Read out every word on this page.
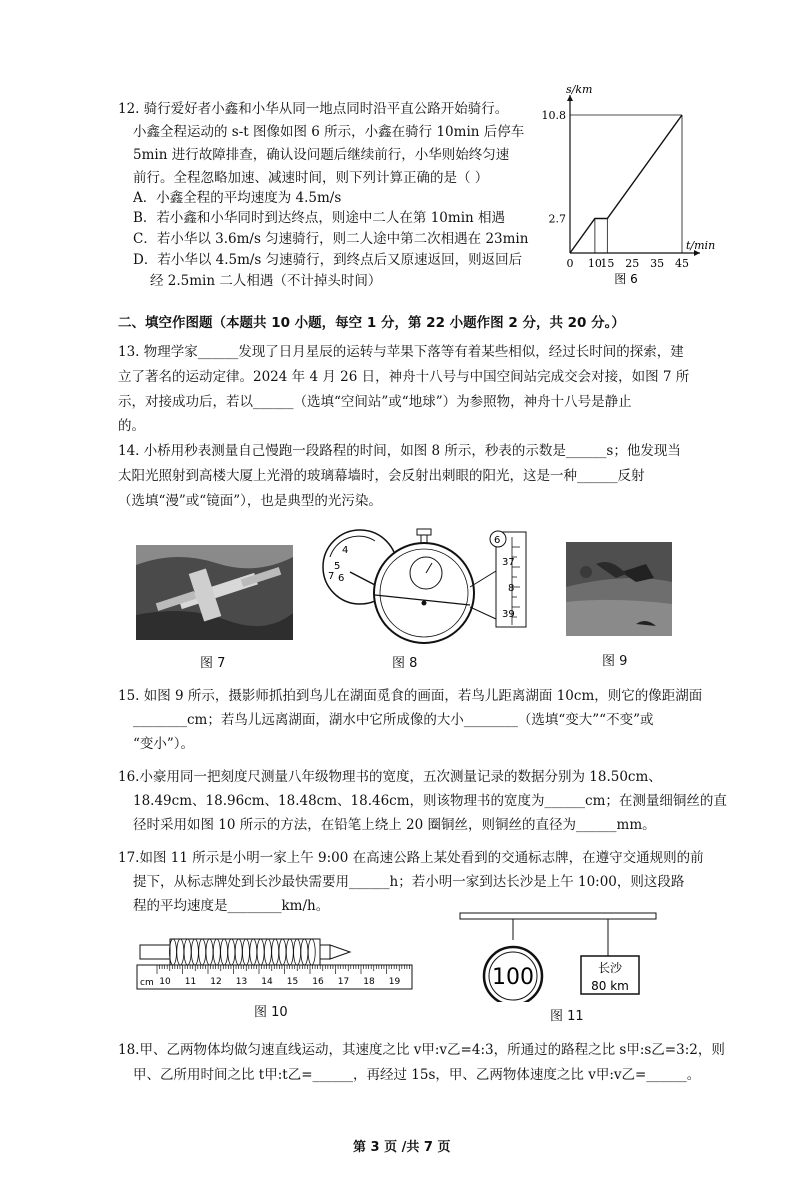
12. 骑行爱好者小鑫和小华从同一地点同时沿平直公路开始骑行。
小鑫全程运动的 s-t 图像如图 6 所示，小鑫在骑行 10min 后停车
5min 进行故障排查，确认设问题后继续前行，小华则始终匀速
前行。全程忽略加速、减速时间，则下列计算正确的是（ ）
A．小鑫全程的平均速度为 4.5m/s
B．若小鑫和小华同时到达终点，则途中二人在第 10min 相遇
C．若小华以 3.6m/s 匀速骑行，则二人途中第二次相遇在 23min
D．若小华以 4.5m/s 匀速骑行，到终点后又原速返回，则返回后
经 2.5min 二人相遇（不计掉头时间）
s/km
t/min
0 10
15 25 35 45
2.7
10.8
图 6
二、填空作图题（本题共 10 小题，每空 1 分，第 22 小题作图 2 分，共 20 分。）
13. 物理学家______发现了日月星辰的运转与苹果下落等有着某些相似，经过长时间的探索，建
立了著名的运动定律。2024 年 4 月 26 日，神舟十八号与中国空间站完成交会对接，如图 7 所
示，对接成功后，若以______（选填“空间站”或“地球”）为参照物，神舟十八号是静止
的。
14. 小桥用秒表测量自己慢跑一段路程的时间，如图 8 所示，秒表的示数是______s；他发现当
太阳光照射到高楼大厦上光滑的玻璃幕墙时，会反射出刺眼的阳光，这是一种______反射
（选填“漫”或“镜面”），也是典型的光污染。
图 7
4
5
6
7
6
37
8
39
图 8	图 9
15. 如图 9 所示，摄影师抓拍到鸟儿在湖面觅食的画面，若鸟儿距离湖面 10cm，则它的像距湖面
________cm；若鸟儿远离湖面，湖水中它所成像的大小________（选填“变大”“不变”或
“变小”）。
16.小豪用同一把刻度尺测量八年级物理书的宽度，五次测量记录的数据分别为 18.50cm、
18.49cm、18.96cm、18.48cm、18.46cm，则该物理书的宽度为______cm；在测量细铜丝的直
径时采用如图 10 所示的方法，在铅笔上绕上 20 圈铜丝，则铜丝的直径为______mm。
17.如图 11 所示是小明一家上午 9:00 在高速公路上某处看到的交通标志牌，在遵守交通规则的前
提下，从标志牌处到长沙最快需要用______h；若小明一家到达长沙是上午 10:00，则这段路
程的平均速度是________km/h。
10 11 12 13 14 15 16 17 18 19
cm
图 10
100	长沙
80 km
图 11
18.甲、乙两物体均做匀速直线运动，其速度之比 v甲:v乙=4:3，所通过的路程之比 s甲:s乙=3:2，则
甲、乙所用时间之比 t甲:t乙=______，再经过 15s，甲、乙两物体速度之比 v甲:v乙=______。
第 3 页 /共 7 页
